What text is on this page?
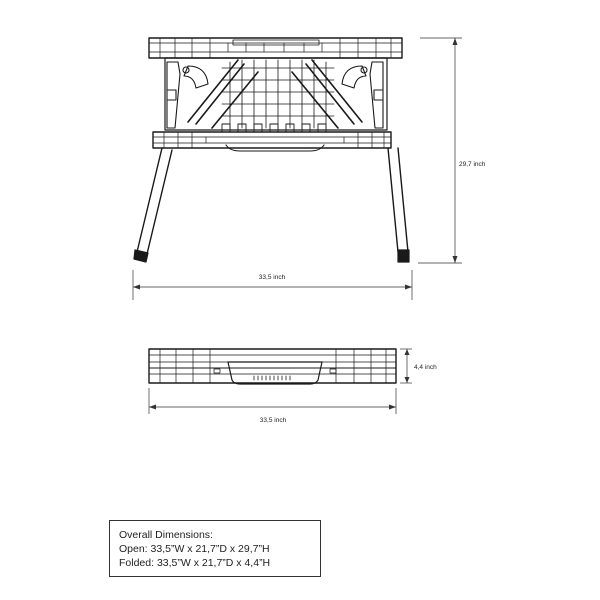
29,7 inch
33,5 inch
4,4 inch
33,5 inch
Overall Dimensions:
Open: 33,5”W x 21,7”D x 29,7”H
Folded: 33,5”W x 21,7”D x 4,4”H
